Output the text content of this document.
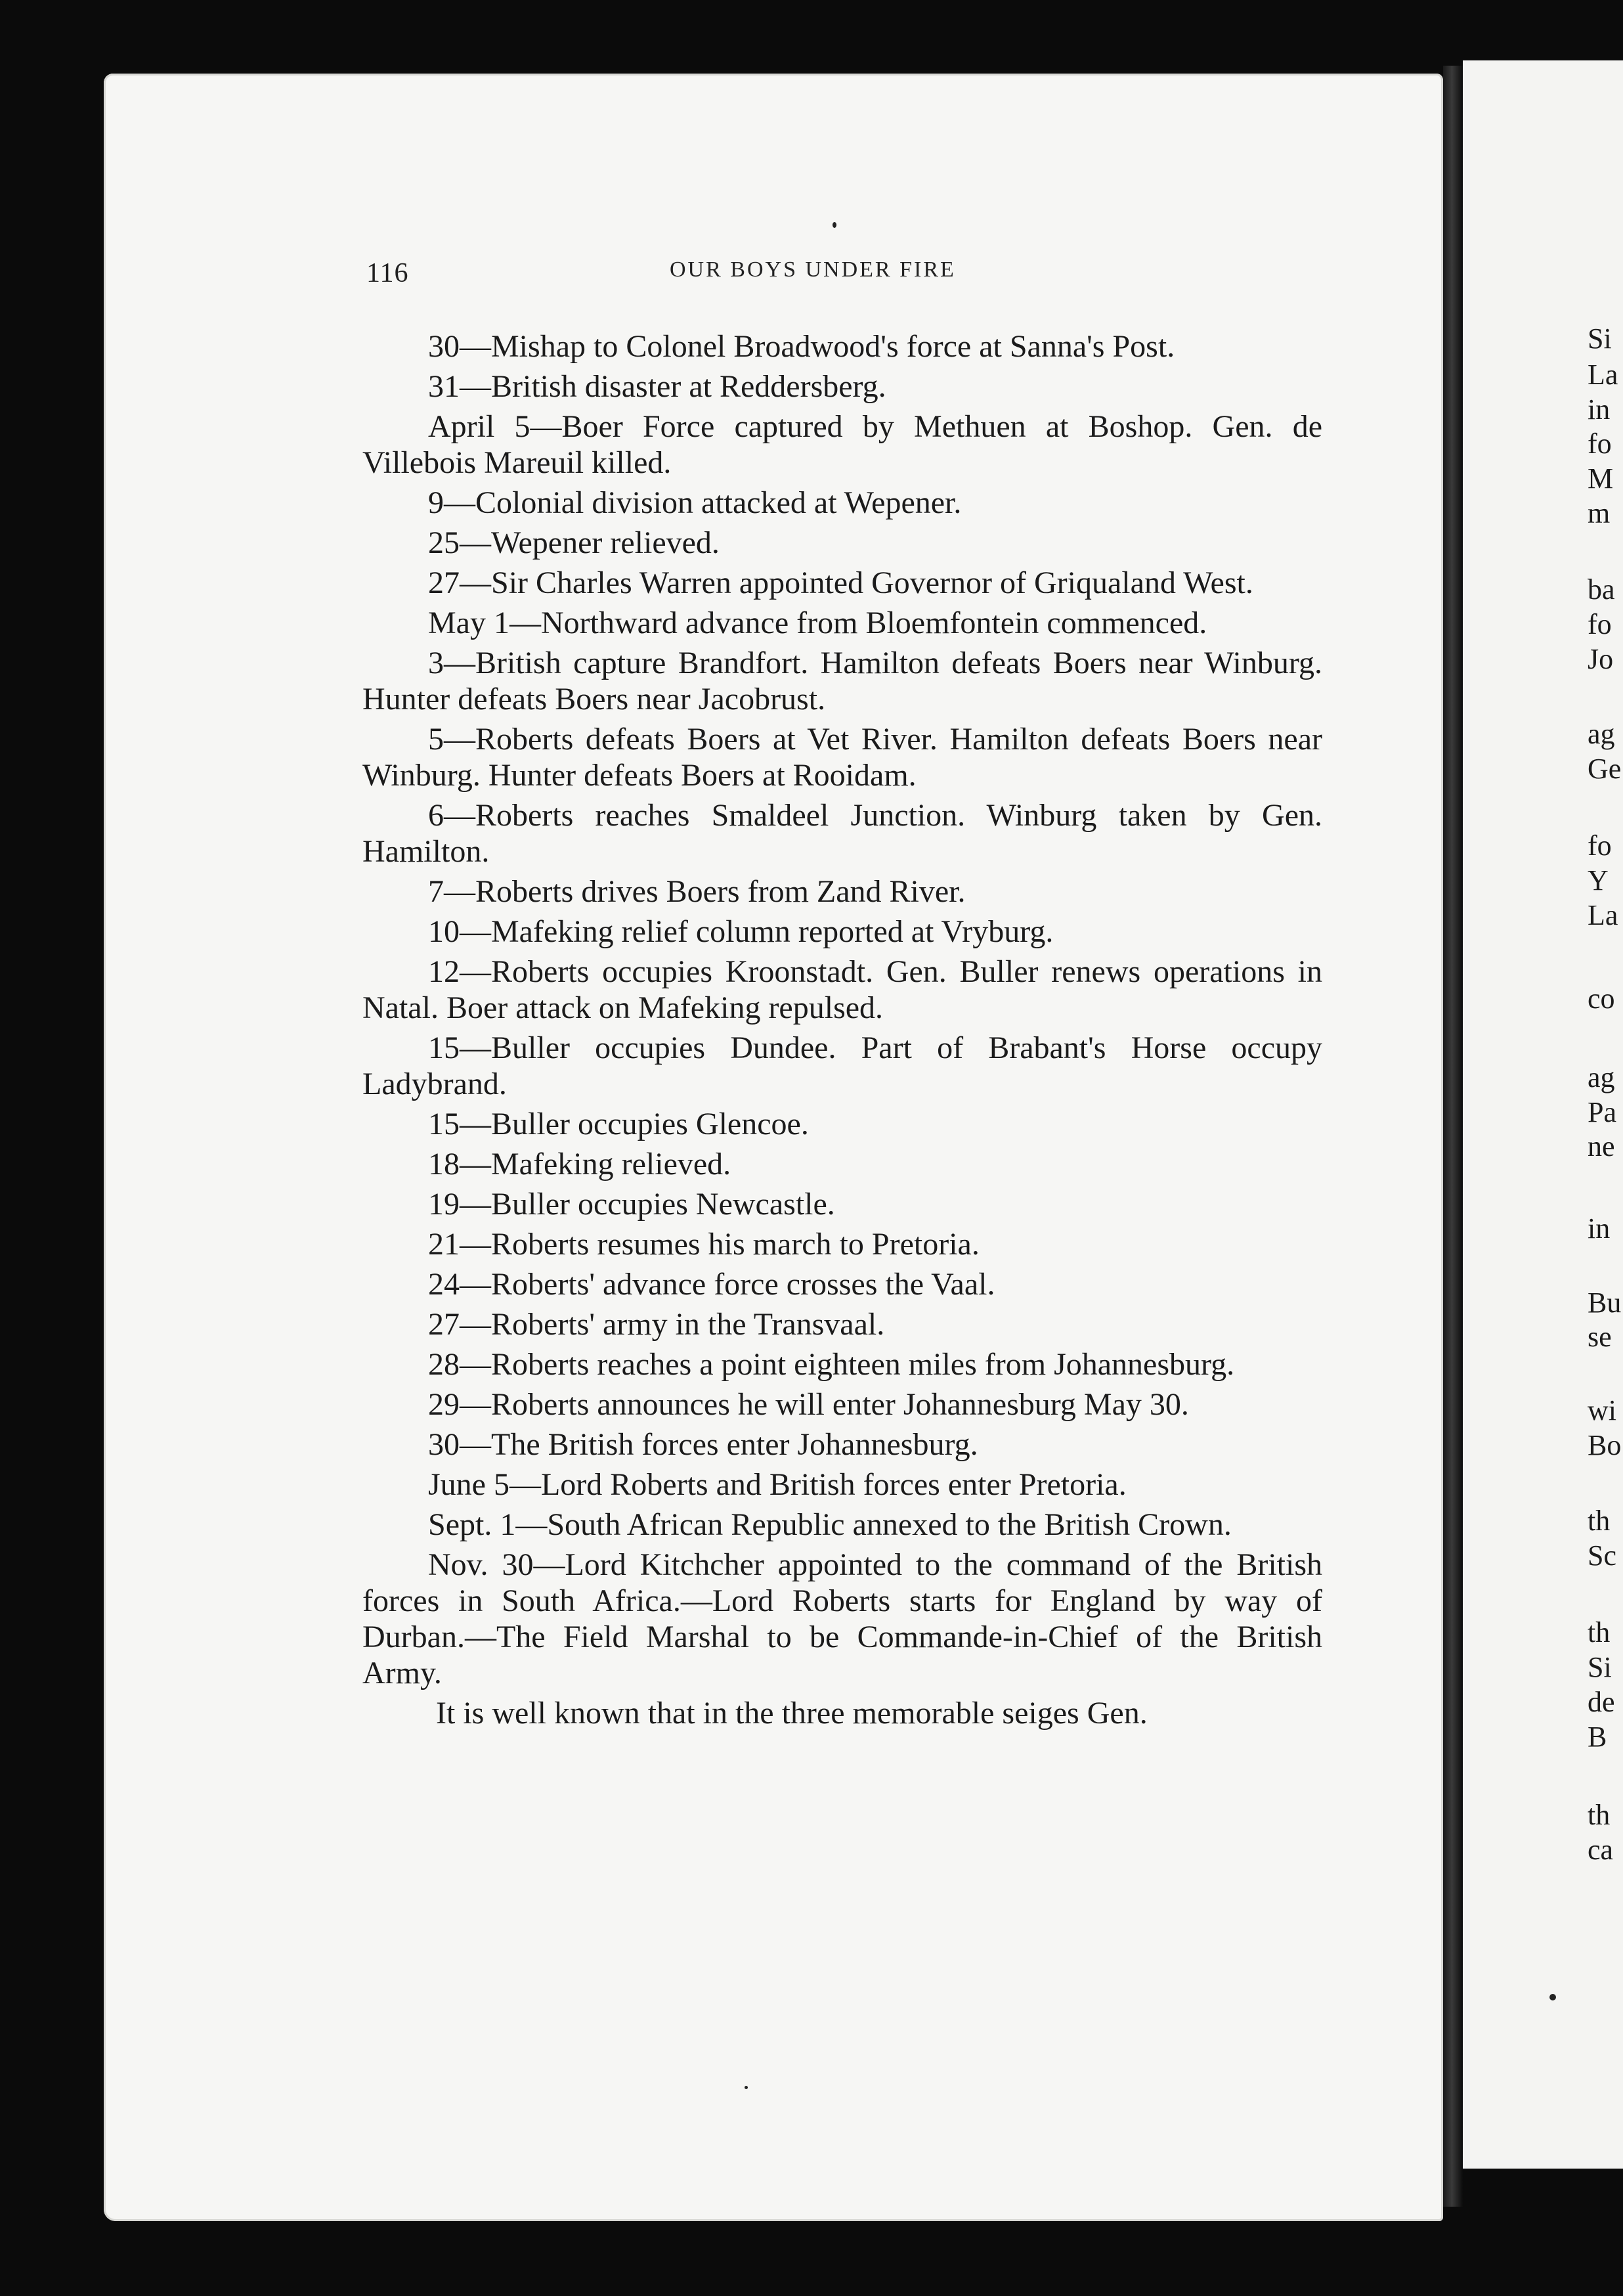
116	OUR BOYS UNDER FIRE

30—Mishap to Colonel Broadwood's force at Sanna's Post.

31—British disaster at Reddersberg.

April 5—Boer Force captured by Methuen at Boshop. Gen. de Villebois Mareuil killed.

9—Colonial division attacked at Wepener.

25—Wepener relieved.

27—Sir Charles Warren appointed Governor of Griqualand West.

May 1—Northward advance from Bloemfontein commenced.

3—British capture Brandfort. Hamilton defeats Boers near Winburg. Hunter defeats Boers near Jacobrust.

5—Roberts defeats Boers at Vet River. Hamilton defeats Boers near Winburg. Hunter defeats Boers at Rooidam.

6—Roberts reaches Smaldeel Junction. Winburg taken by Gen. Hamilton.

7—Roberts drives Boers from Zand River.

10—Mafeking relief column reported at Vryburg.

12—Roberts occupies Kroonstadt. Gen. Buller renews operations in Natal. Boer attack on Mafeking repulsed.

15—Buller occupies Dundee. Part of Brabant's Horse occupy Ladybrand.

15—Buller occupies Glencoe.

18—Mafeking relieved.

19—Buller occupies Newcastle.

21—Roberts resumes his march to Pretoria.

24—Roberts' advance force crosses the Vaal.

27—Roberts' army in the Transvaal.

28—Roberts reaches a point eighteen miles from Johannesburg.

29—Roberts announces he will enter Johannesburg May 30.

30—The British forces enter Johannesburg.

June 5—Lord Roberts and British forces enter Pretoria.

Sept. 1—South African Republic annexed to the British Crown.

Nov. 30—Lord Kitchcher appointed to the command of the British forces in South Africa.—Lord Roberts starts for England by way of Durban.—The Field Marshal to be Commande-in-Chief of the British Army.

It is well known that in the three memorable seiges Gen.

Si
La
in
fo
M
m
ba
fo
Jo
ag
Ge
fo
Y
La
co
ag
Pa
ne
in
Bu
se
wi
Bo
th
Sc
th
Si
de
B
th
ca
